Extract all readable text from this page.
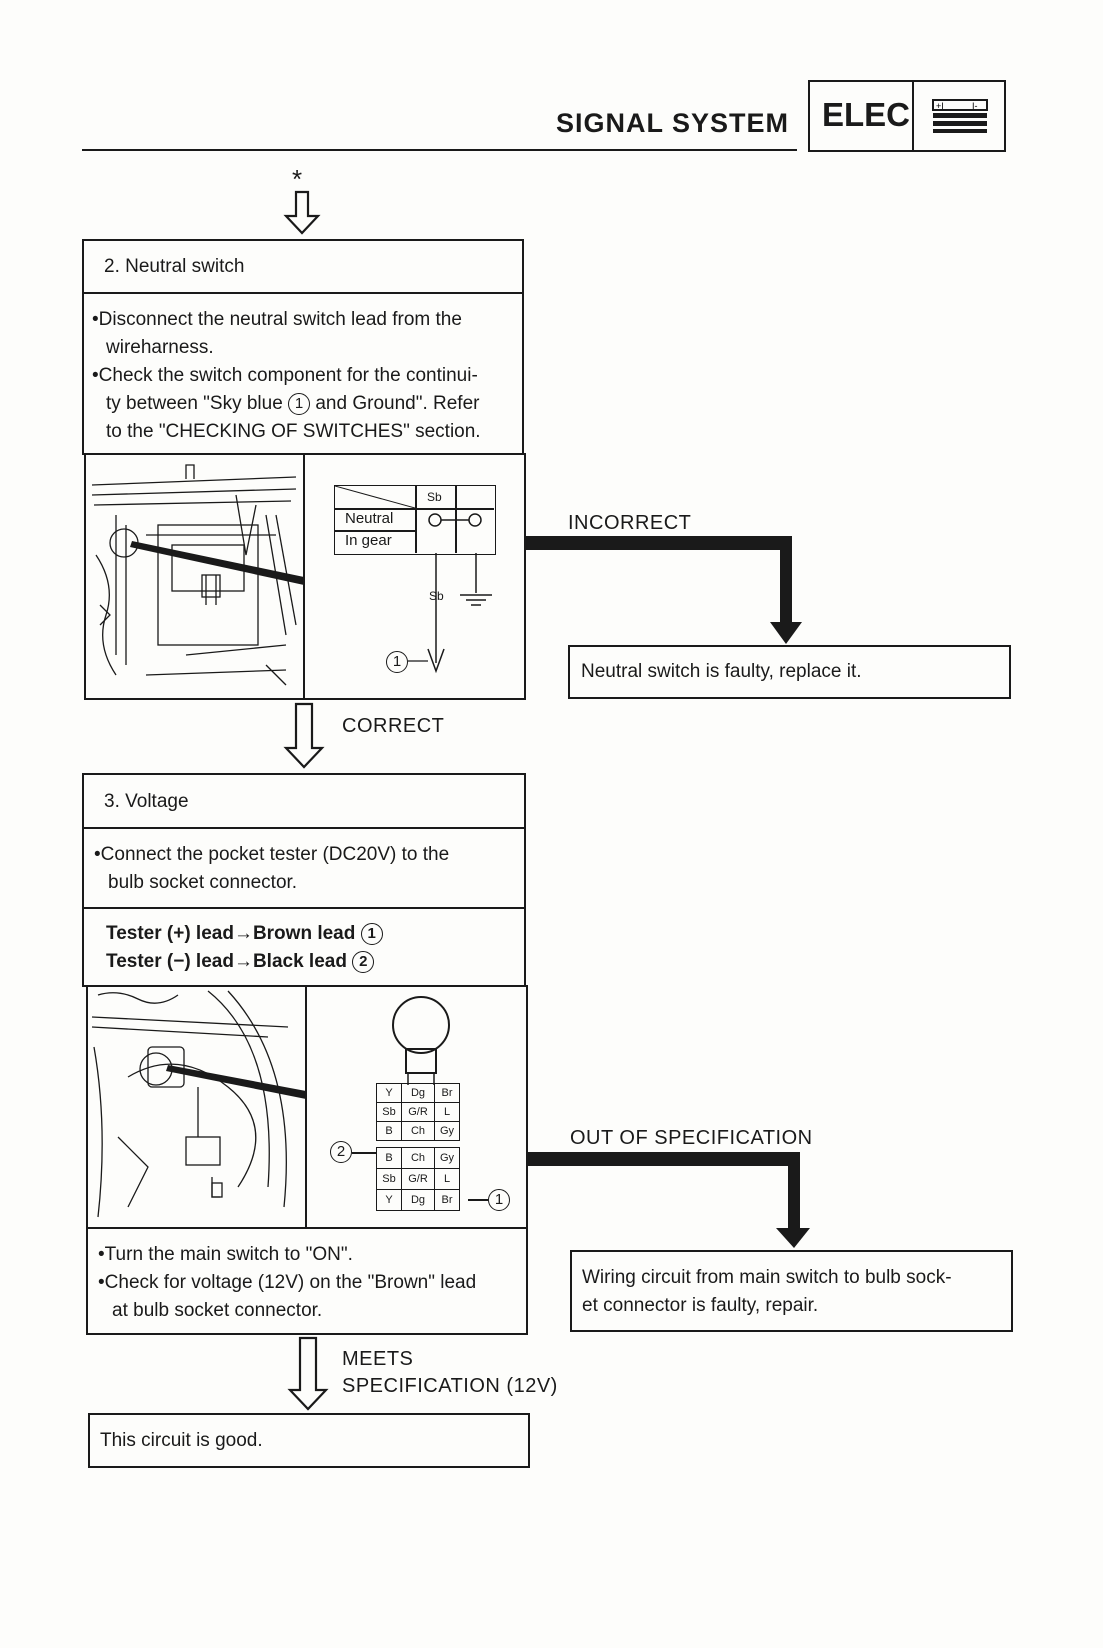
SIGNAL SYSTEM ELEC	+I	I-
*
2. Neutral switch
•Disconnect the neutral switch lead from the
wireharness.
•Check the switch component for the continui-
ty between "Sky blue 1 and Ground". Refer
to the "CHECKING OF SWITCHES" section.
Sb
Neutral
In gear
Sb
1
INCORRECT
Neutral switch is faulty, replace it.
CORRECT
3. Voltage
•Connect the pocket tester (DC20V) to the
bulb socket connector.
Tester (+) lead→Brown lead 1
Tester (−) lead→Black lead 2
Y	Dg	Br
Sb	G/R	L
B	Ch	Gy
B	Ch	Gy
Sb	G/R	L
Y	Dg	Br
2
1
•Turn the main switch to "ON".
•Check for voltage (12V) on the "Brown" lead
at bulb socket connector.
OUT OF SPECIFICATION
Wiring circuit from main switch to bulb sock-
et connector is faulty, repair.
MEETS
SPECIFICATION (12V)
This circuit is good.
